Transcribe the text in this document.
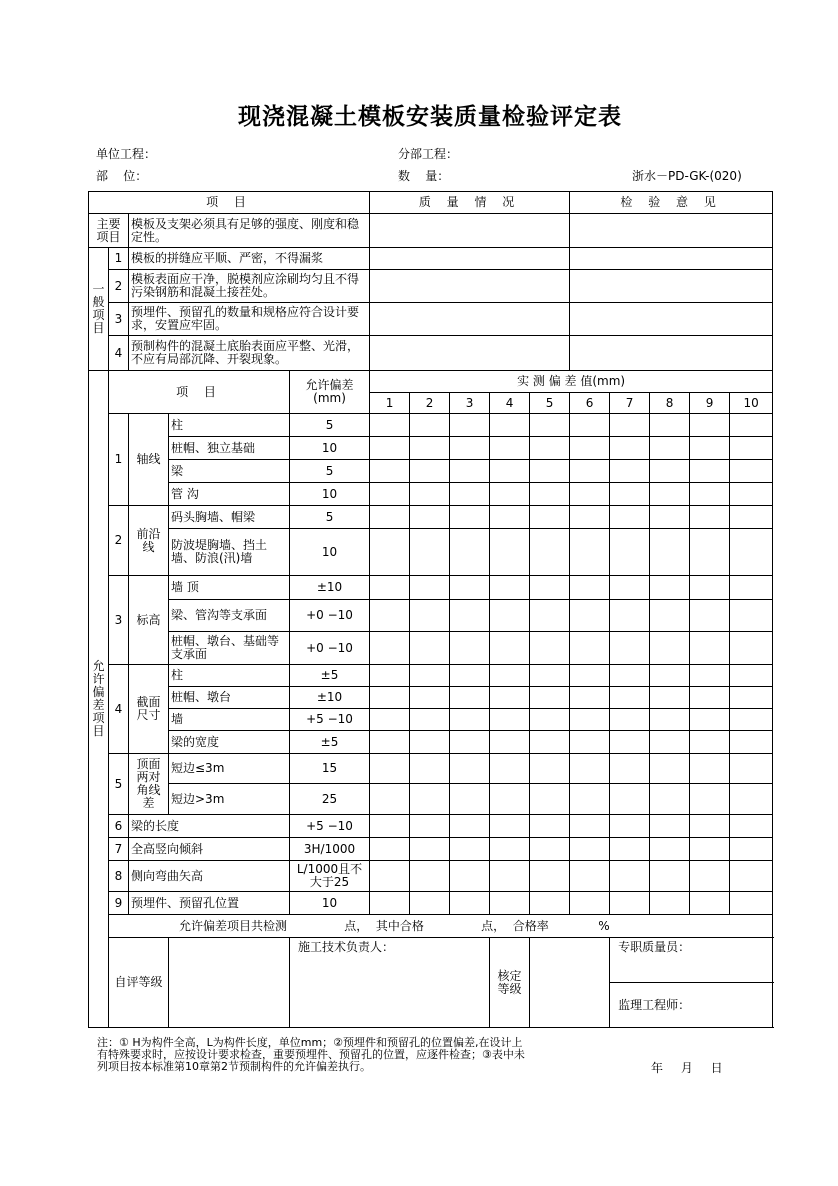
现浇混凝土模板安装质量检验评定表
单位工程：	分部工程：
部    位：	数    量：	浙水－PD-GK-(020)
项 目					质 量 情 况					检 验 意 见				
主要项目		模板及支架必须具有足够的强度、刚度和稳定性。												
一般项目	1	模板的拼缝应平顺、严密，不得漏浆												
	2	模板表面应干净，脱模剂应涂刷均匀且不得污染钢筋和混凝土接茬处。												
	3	预埋件、预留孔的数量和规格应符合设计要求，安置应牢固。												
	4	预制构件的混凝土底胎表面应平整、光滑，不应有局部沉降、开裂现象。												
允许偏差项目	项 目			允许偏差(mm)	实 测 偏 差 值(mm)									
					1	2	3	4	5	6	7	8	9	10
	1	轴线	柱	5										
			桩帽、独立基础	10										
			梁	5										
			管 沟	10										
	2	前沿线	码头胸墙、帽梁	5										
			防波堤胸墙、挡土墙、防浪(汛)墙	10										
	3	标高	墙 顶	±10										
			梁、管沟等支承面	+0 −10										
			桩帽、墩台、基础等支承面	+0 −10										
	4	截面尺寸	柱	±5										
			桩帽、墩台	±10										
			墙	+5 −10										
			梁的宽度	±5										
	5	顶面两对角线差	短边≤3m	15										
			短边>3m	25										
	6	梁的长度		+5 −10										
	7	全高竖向倾斜		3H/1000										
	8	侧向弯曲矢高		L/1000且不大于25										
	9	预埋件、预留孔位置		10										
	允许偏差项目共检测               点，  其中合格               点，  合格率             %													
	自评等级			施工技术负责人：				核定等级			专职质量员：			
											监理工程师：			
注：① H为构件全高，L为构件长度，单位mm；②预埋件和预留孔的位置偏差,在设计上有特殊要求时，应按设计要求检查，重要预埋件、预留孔的位置，应逐件检查；③表中未列项目按本标准第10章第2节预制构件的允许偏差执行。	年 月 日
